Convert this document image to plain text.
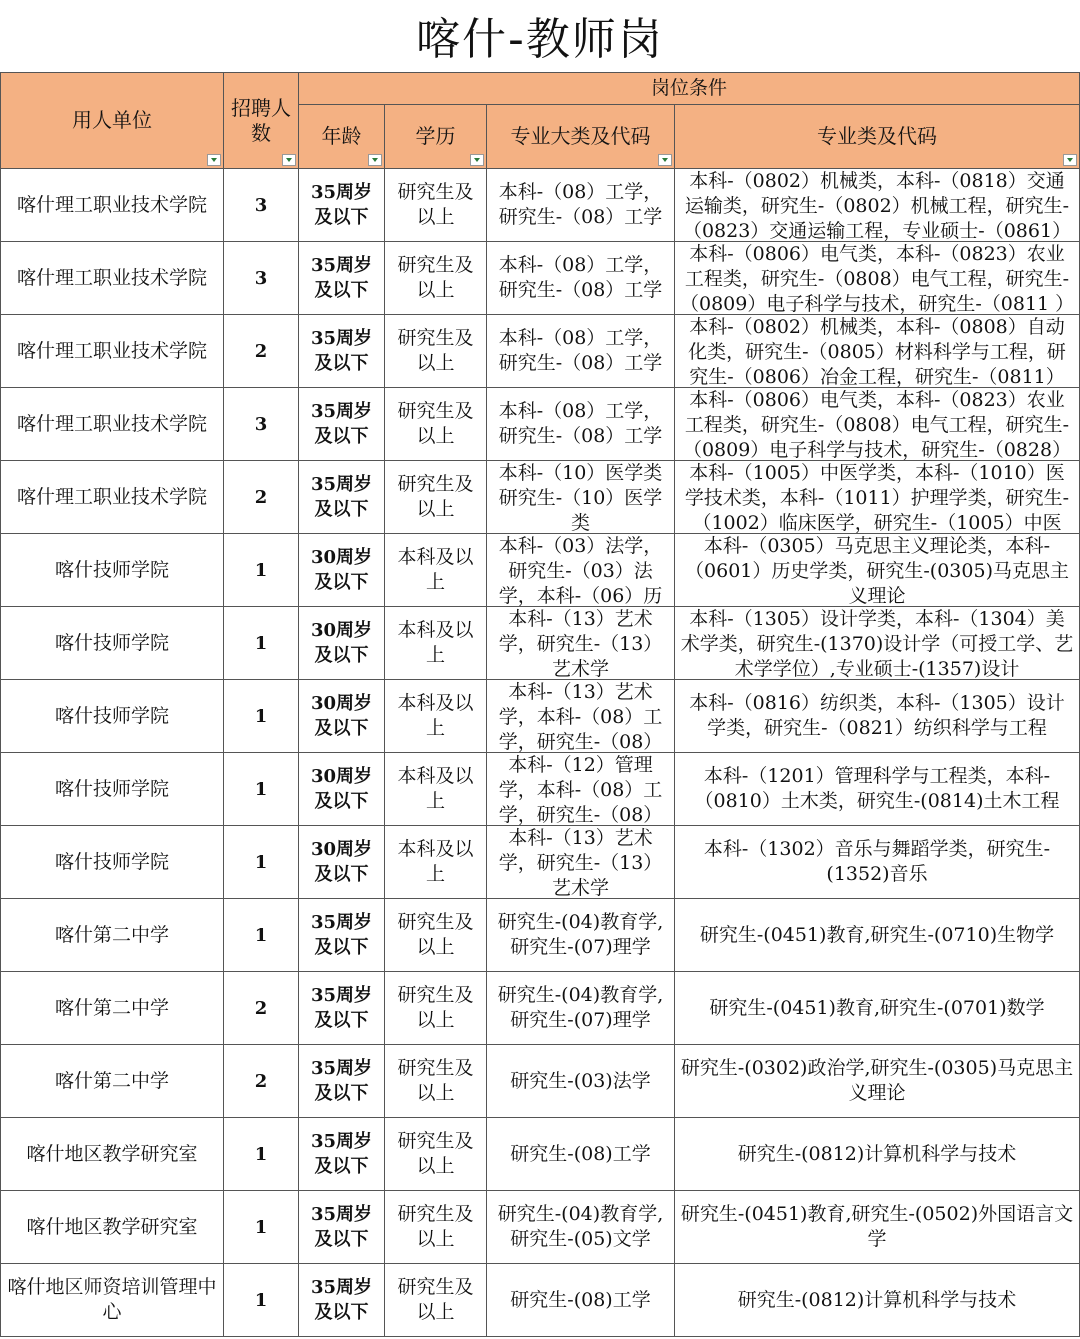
喀什-教师岗
用人单位	招聘人数	岗位条件			
		年龄	学历	专业大类及代码	专业类及代码

喀什理工职业技术学院	3	35周岁及以下	研究生及以上	本科-（08）工学，研究生-（08）工学	本科-（0802）机械类，本科-（0818）交通运输类，研究生-（0802）机械工程，研究生-（0823）交通运输工程，专业硕士-（0861）

喀什理工职业技术学院	3	35周岁及以下	研究生及以上	本科-（08）工学，研究生-（08）工学	本科-（0806）电气类，本科-（0823）农业工程类，研究生-（0808）电气工程，研究生-（0809）电子科学与技术，研究生-（0811 ）

喀什理工职业技术学院	2	35周岁及以下	研究生及以上	本科-（08）工学，研究生-（08）工学	本科-（0802）机械类，本科-（0808）自动化类，研究生-（0805）材料科学与工程，研究生-（0806）冶金工程，研究生-（0811）

喀什理工职业技术学院	3	35周岁及以下	研究生及以上	本科-（08）工学，研究生-（08）工学	本科-（0806）电气类，本科-（0823）农业工程类，研究生-（0808）电气工程，研究生-（0809）电子科学与技术，研究生-（0828）

喀什理工职业技术学院	2	35周岁及以下	研究生及以上	本科-（10）医学类研究生-（10）医学类	本科-（1005）中医学类，本科-（1010）医学技术类，本科-（1011）护理学类，研究生-（1002）临床医学，研究生-（1005）中医

喀什技师学院	1	30周岁及以下	本科及以上	本科-（03）法学，研究生-（03）法学，本科-（06）历	本科-（0305）马克思主义理论类，本科-（0601）历史学类，研究生-(0305)马克思主义理论

喀什技师学院	1	30周岁及以下	本科及以上	本科-（13）艺术学，研究生-（13）艺术学	本科-（1305）设计学类，本科-（1304）美术学类，研究生-(1370)设计学（可授工学、艺术学学位）,专业硕士-(1357)设计

喀什技师学院	1	30周岁及以下	本科及以上	本科-（13）艺术学，本科-（08）工学，研究生-（08）	本科-（0816）纺织类，本科-（1305）设计学类，研究生-（0821）纺织科学与工程

喀什技师学院	1	30周岁及以下	本科及以上	本科-（12）管理学，本科-（08）工学，研究生-（08）	本科-（1201）管理科学与工程类，本科-（0810）土木类，研究生-(0814)土木工程

喀什技师学院	1	30周岁及以下	本科及以上	本科-（13）艺术学，研究生-（13）艺术学	本科-（1302）音乐与舞蹈学类，研究生-(1352)音乐

喀什第二中学	1	35周岁及以下	研究生及以上	研究生-(04)教育学,研究生-(07)理学	研究生-(0451)教育,研究生-(0710)生物学

喀什第二中学	2	35周岁及以下	研究生及以上	研究生-(04)教育学,研究生-(07)理学	研究生-(0451)教育,研究生-(0701)数学

喀什第二中学	2	35周岁及以下	研究生及以上	研究生-(03)法学	研究生-(0302)政治学,研究生-(0305)马克思主义理论

喀什地区教学研究室	1	35周岁及以下	研究生及以上	研究生-(08)工学	研究生-(0812)计算机科学与技术

喀什地区教学研究室	1	35周岁及以下	研究生及以上	研究生-(04)教育学,研究生-(05)文学	研究生-(0451)教育,研究生-(0502)外国语言文学

喀什地区师资培训管理中心	1	35周岁及以下	研究生及以上	研究生-(08)工学	研究生-(0812)计算机科学与技术
